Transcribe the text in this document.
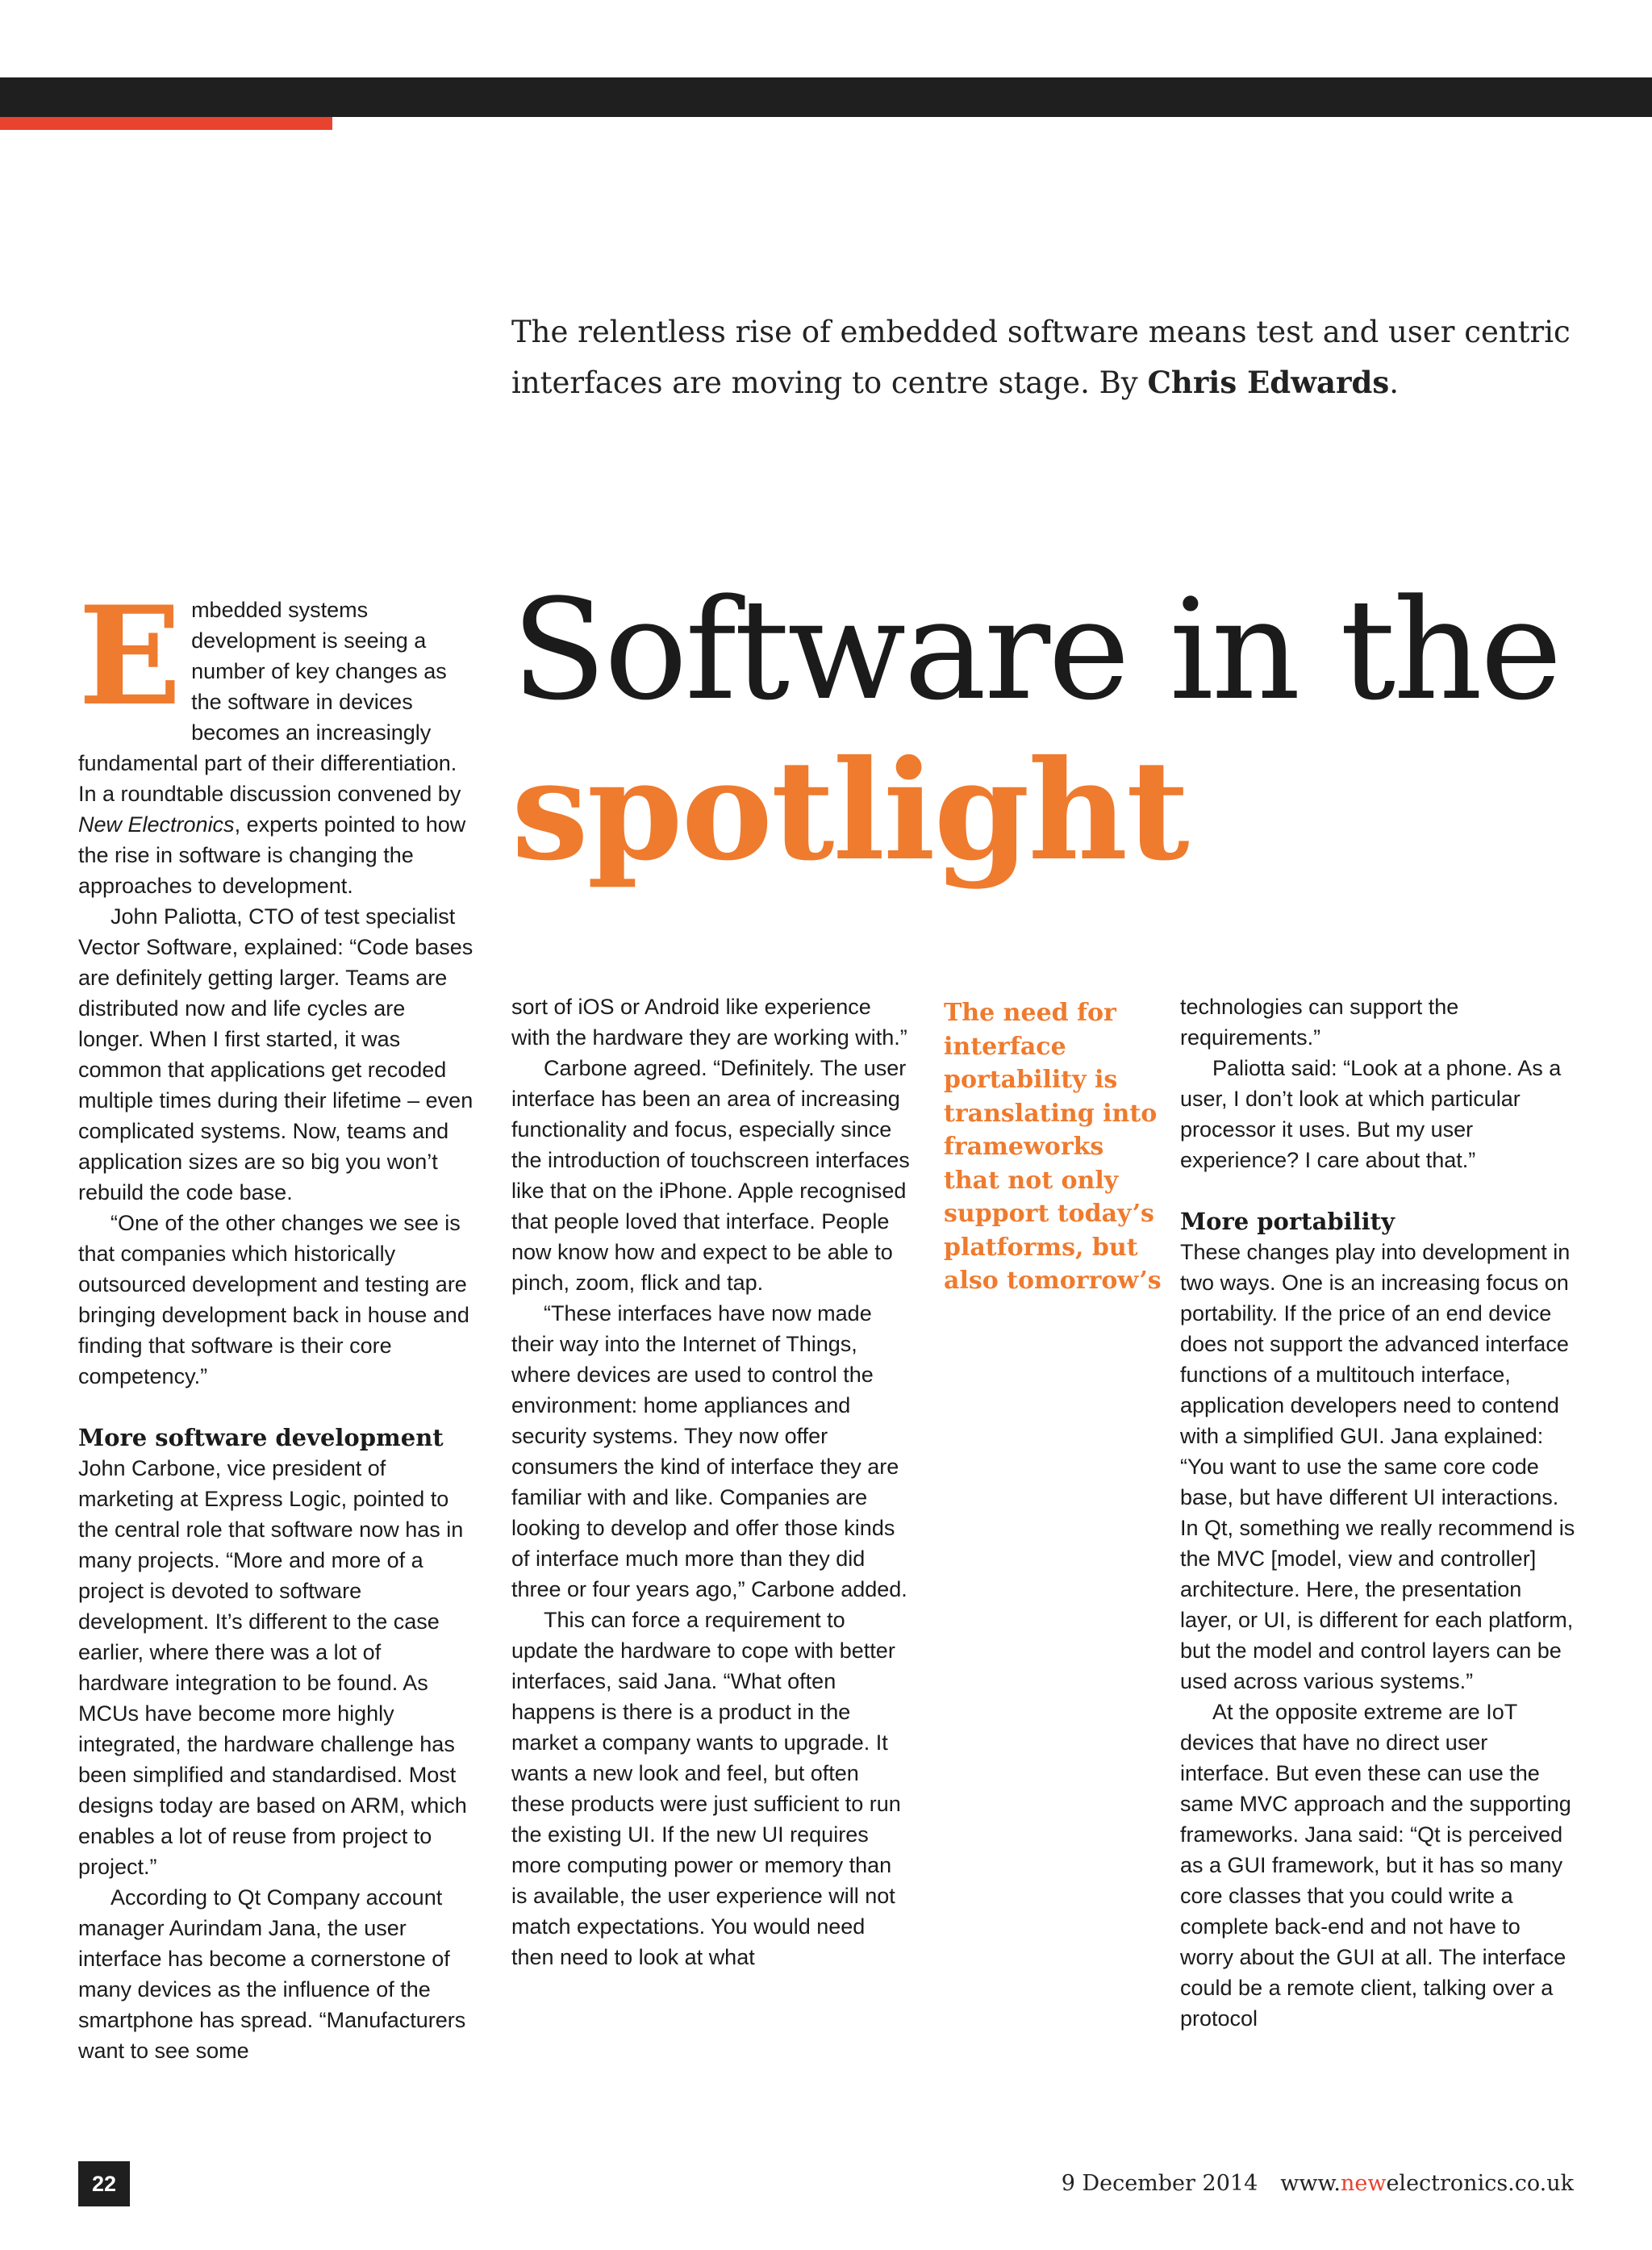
The relentless rise of embedded software means test and user centric interfaces are moving to centre stage. By Chris Edwards.
Software in the
spotlight

Embedded systems development is seeing a number of key changes as the software in devices becomes an increasingly fundamental part of their differentiation. In a roundtable discussion convened by New Electronics, experts pointed to how the rise in software is changing the approaches to development.

John Paliotta, CTO of test specialist Vector Software, explained: “Code bases are definitely getting larger. Teams are distributed now and life cycles are longer. When I first started, it was common that applications get recoded multiple times during their lifetime – even complicated systems. Now, teams and application sizes are so big you won’t rebuild the code base.

“One of the other changes we see is that companies which historically outsourced development and testing are bringing development back in house and finding that software is their core competency.”

More software development

John Carbone, vice president of marketing at Express Logic, pointed to the central role that software now has in many projects. “More and more of a project is devoted to software development. It’s different to the case earlier, where there was a lot of hardware integration to be found. As MCUs have become more highly integrated, the hardware challenge has been simplified and standardised. Most designs today are based on ARM, which enables a lot of reuse from project to project.”

According to Qt Company account manager Aurindam Jana, the user interface has become a cornerstone of many devices as the influence of the smartphone has spread. “Manufacturers want to see some

sort of iOS or Android like experience with the hardware they are working with.”

Carbone agreed. “Definitely. The user interface has been an area of increasing functionality and focus, especially since the introduction of touchscreen interfaces like that on the iPhone. Apple recognised that people loved that interface. People now know how and expect to be able to pinch, zoom, flick and tap.

“These interfaces have now made their way into the Internet of Things, where devices are used to control the environment: home appliances and security systems. They now offer consumers the kind of interface they are familiar with and like. Companies are looking to develop and offer those kinds of interface much more than they did three or four years ago,” Carbone added.

This can force a requirement to update the hardware to cope with better interfaces, said Jana. “What often happens is there is a product in the market a company wants to upgrade. It wants a new look and feel, but often these products were just sufficient to run the existing UI. If the new UI requires more computing power or memory than is available, the user experience will not match expectations. You would need then need to look at what

The need for interface portability is translating into frameworks that not only support today’s platforms, but also tomorrow’s

technologies can support the requirements.”

Paliotta said: “Look at a phone. As a user, I don’t look at which particular processor it uses. But my user experience? I care about that.”

More portability

These changes play into development in two ways. One is an increasing focus on portability. If the price of an end device does not support the advanced interface functions of a multitouch interface, application developers need to contend with a simplified GUI. Jana explained: “You want to use the same core code base, but have different UI interactions. In Qt, something we really recommend is the MVC [model, view and controller] architecture. Here, the presentation layer, or UI, is different for each platform, but the model and control layers can be used across various systems.”

At the opposite extreme are IoT devices that have no direct user interface. But even these can use the same MVC approach and the supporting frameworks. Jana said: “Qt is perceived as a GUI framework, but it has so many core classes that you could write a complete back-end and not have to worry about the GUI at all. The interface could be a remote client, talking over a protocol

22	9 December 2014 www.newelectronics.co.uk
